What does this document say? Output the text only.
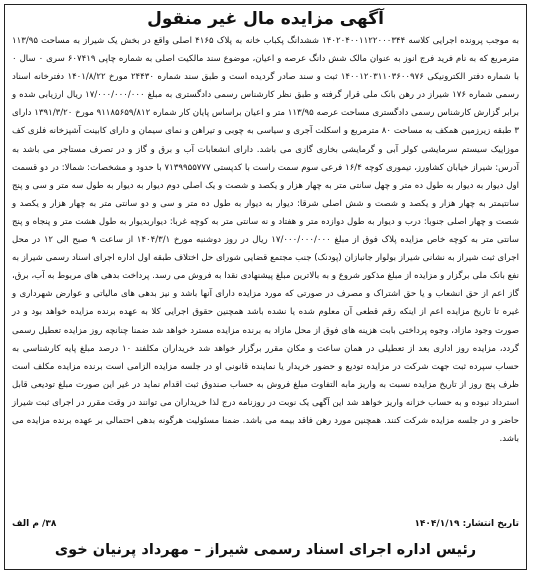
آگهی مزایده مال غیر منقول

به موجب پرونده اجرایی کلاسه ۱۴۰۲۰۴۰۰۱۱۲۲۰۰۰۳۴۴ ششدانگ پکباب خانه به پلاک ۴۱۶۵ اصلی واقع در بخش یک شیراز به مساحت ۱۱۳/۹۵ مترمربع که به نام فرید فرج انوز به عنوان مالک شش دانگ عرصه و اعیان، موضوع سند مالکیت اصلی به شماره چاپی ۶۰۷۴۱۹ سری ۰ سال ۰ با شماره دفتر الکترونیکی ۱۴۰۰۱۲۰۳۱۱۰۳۶۰۰۹۷۶ ثبت و سند صادر گردیده است و طبق سند شماره ۲۴۴۳۰ مورخ ۱۴۰۱/۸/۲۲ دفترخانه اسناد رسمی شماره ۱۷۶ شیراز در رهن بانک ملی قرار گرفته و طبق نظر کارشناس رسمی دادگستری به مبلغ ۱۷/۰۰۰/۰۰۰/۰۰۰ ریال ارزیابی شده و برابر گزارش کارشناس رسمی دادگستری مساحت عرصه ۱۱۳/۹۵ متر و اعیان براساس پایان کار شماره ۹۱۱۸۵۶۵۹/۸۱۲ مورخ ۱۳۹۱/۳/۲۰ دارای ۳ طبقه زیرزمین همکف به مساحت ۸۰ مترمربع و اسکلت آجری و سیاسی به چوبی و تیراهن و نمای سیمان و دارای کابینت آشپزخانه فلزی کف موزاییک سیستم سرمایشی کولر آبی و گرمایشی بخاری گازی می باشد. دارای انشعابات آب و برق و گاز و در تصرف مستاجر می باشد به آدرس: شیراز خیابان کشاورز، تیموری کوچه ۱۶/۴ فرعی سوم سمت راست با کدپستی ۷۱۳۹۹۵۵۷۷۷ با حدود و مشخصات: شمالا: در دو قسمت اول دیوار به دیوار به طول ده متر و چهل سانتی متر به چهار هزار و یکصد و شصت و یک اصلی دوم دیوار به دیوار به طول سه متر و سی و پنج سانتیمتر به چهار هزار و یکصد و شصت و شش اصلی شرقا: دیوار به دیوار به طول ده متر و سی و دو سانتی متر به چهار هزار و یکصد و شصت و چهار اصلی جنوبا: درب و دیوار به طول دوازده متر و هفتاد و نه سانتی متر به کوچه غربا: دیواربدیوار به طول هشت متر و پنجاه و پنج سانتی متر به کوچه خاص مزایده پلاک فوق از مبلغ ۱۷/۰۰۰/۰۰۰/۰۰۰ ریال در روز دوشنبه مورخ ۱۴۰۴/۳/۱ از ساعت ۹ صبح الی ۱۲ در محل اجرای ثبت شیراز به نشانی شیراز بولوار جانبازان (پودنک) جنب مجتمع قضایی شورای حل اختلاف طبقه اول اداره اجرای اسناد رسمی شیراز به نفع بانک ملی برگزار و مزایده از مبلغ مذکور شروع و به بالاترین مبلغ پیشنهادی نقدا به فروش می رسد. پرداخت بدهی های مربوط به آب، برق، گاز اعم از حق انشعاب و یا حق اشتراک و مصرف در صورتی که مورد مزایده دارای آنها باشد و نیز بدهی های مالیاتی و عوارض شهرداری و غیره تا تاریخ مزایده اعم از اینکه رقم قطعی آن معلوم شده یا نشده باشد همچنین حقوق اجرایی کلا به عهده برنده مزایده خواهد بود و در صورت وجود مازاد، وجوه پرداختی بابت هزینه های فوق از محل مازاد به برنده مزایده مسترد خواهد شد ضمنا چنانچه روز مزایده تعطیل رسمی گردد، مزایده روز اداری بعد از تعطیلی در همان ساعت و مکان مقرر برگزار خواهد شد خریداران مکلفند ۱۰ درصد مبلغ پایه کارشناسی به حساب سپرده ثبت جهت شرکت در مزایده تودیع و حضور خریدار یا نماینده قانونی او در جلسه مزایده الزامی است برنده مزایده مکلف است ظرف پنج روز از تاریخ مزایده نسبت به واریز مابه التفاوت مبلغ فروش به حساب صندوق ثبت اقدام نماید در غیر این صورت مبلغ تودیعی قابل استرداد نبوده و به حساب خزانه واریز خواهد شد این آگهی یک نوبت در روزنامه درج لذا خریداران می توانند در وقت مقرر در اجرای ثبت شیراز حاضر و در جلسه مزایده شرکت کنند. همچنین مورد رهن فاقد بیمه می باشد. ضمنا مسئولیت هرگونه بدهی احتمالی بر عهده برنده مزایده می باشد.

تاریخ انتشار: ۱۴۰۴/۱/۱۹
۳۸/ م الف
رئیس اداره اجرای اسناد رسمی شیراز – مهرداد پرنیان خوی
